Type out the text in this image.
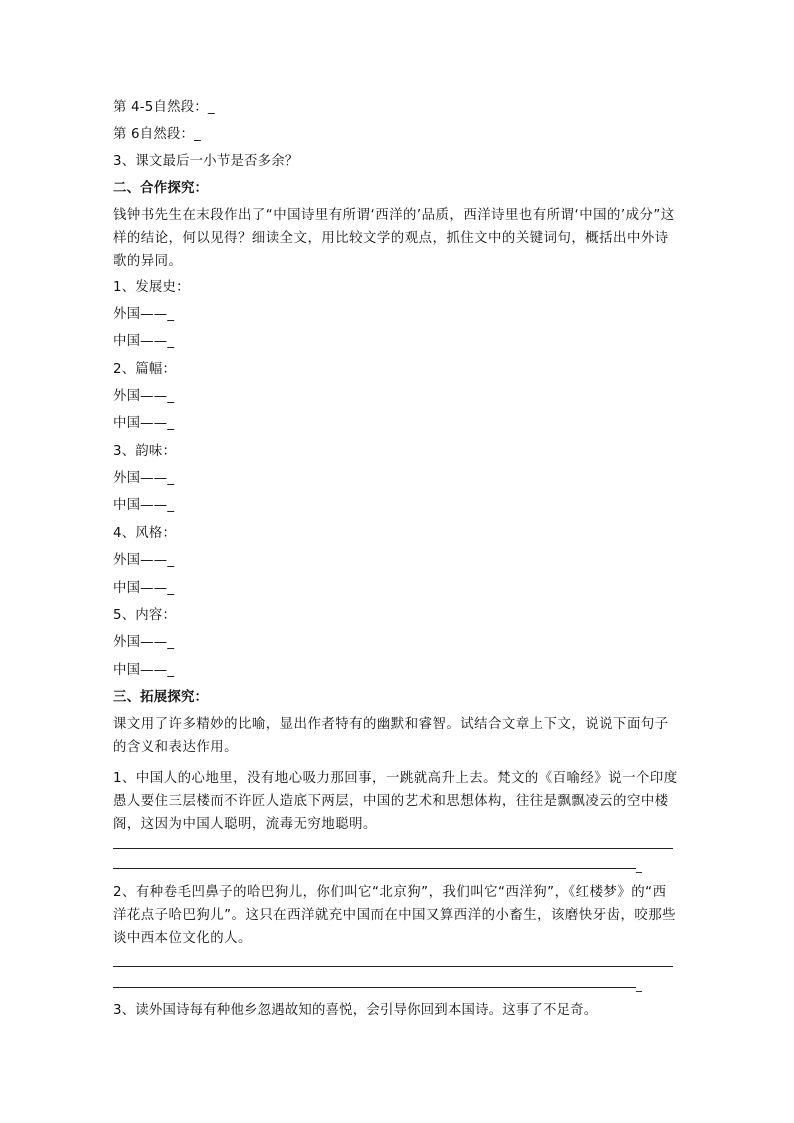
第 4-5自然段：_
第 6自然段：_
3、课文最后一小节是否多余？
二、合作探究：
钱钟书先生在末段作出了“中国诗里有所谓‘西洋的’品质，西洋诗里也有所谓‘中国的’成分”这样的结论，何以见得？细读全文，用比较文学的观点，抓住文中的关键词句，概括出中外诗歌的异同。
1、发展史：
外国——_
中国——_
2、篇幅：
外国——_
中国——_
3、韵味：
外国——_
中国——_
4、风格：
外国——_
中国——_
5、内容：
外国——_
中国——_
三、拓展探究：
课文用了许多精妙的比喻，显出作者特有的幽默和睿智。试结合文章上下文，说说下面句子的含义和表达作用。
1、中国人的心地里，没有地心吸力那回事，一跳就高升上去。梵文的《百喻经》说一个印度愚人要住三层楼而不许匠人造底下两层，中国的艺术和思想体构，往往是飘飘凌云的空中楼阁，这因为中国人聪明，流毒无穷地聪明。
_
2、有种卷毛凹鼻子的哈巴狗儿，你们叫它“北京狗”，我们叫它“西洋狗”，《红楼梦》的“西洋花点子哈巴狗儿”。这只在西洋就充中国而在中国又算西洋的小畜生，该磨快牙齿，咬那些谈中西本位文化的人。
_
3、读外国诗每有种他乡忽遇故知的喜悦，会引导你回到本国诗。这事了不足奇。
